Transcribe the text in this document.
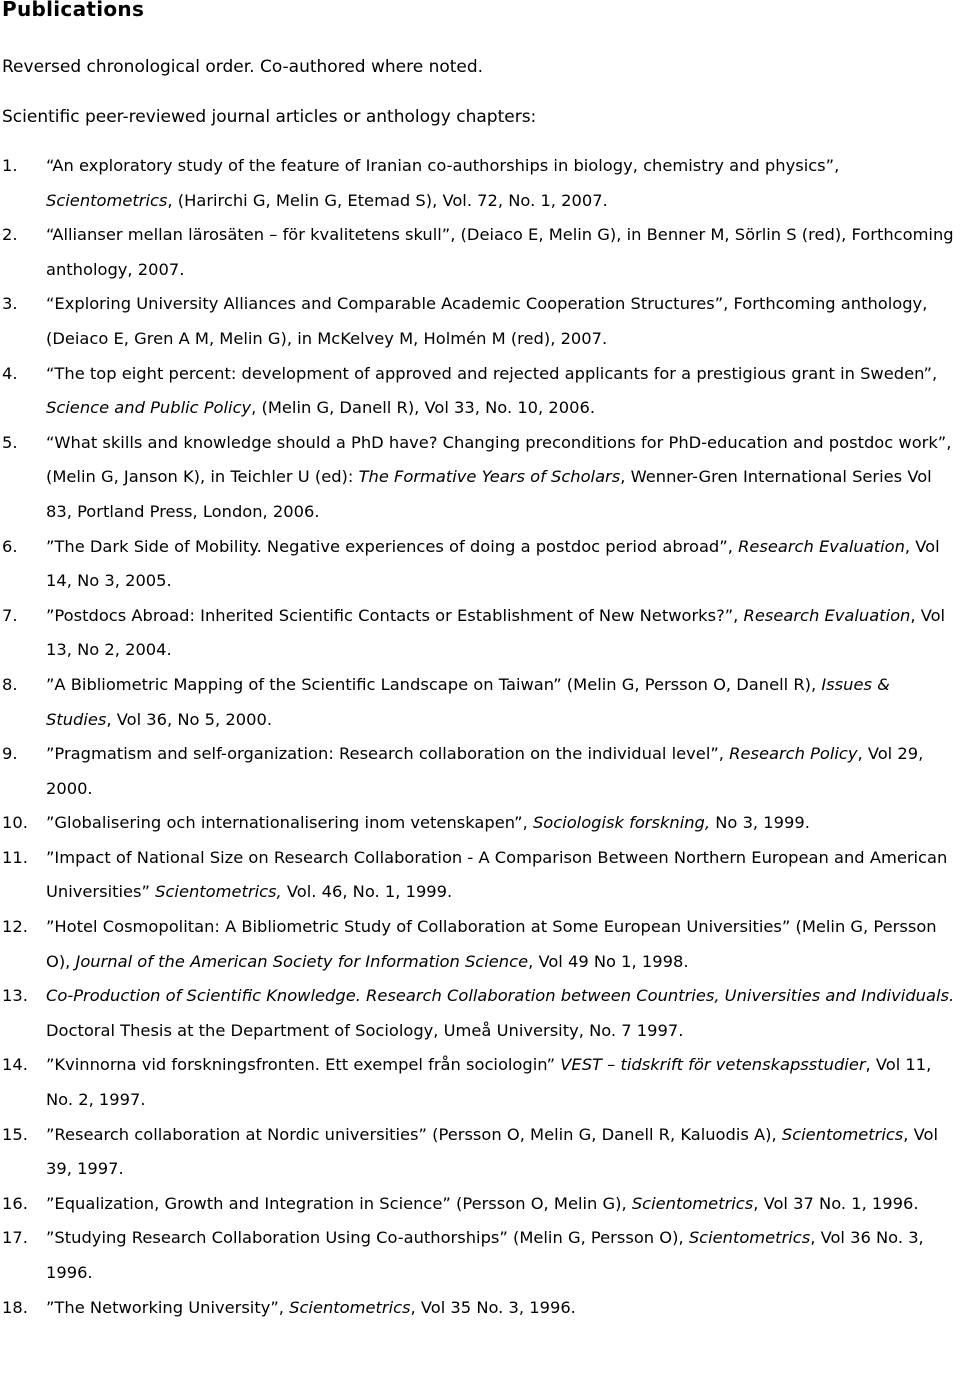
Publications
Reversed chronological order. Co-authored where noted.
Scientific peer-reviewed journal articles or anthology chapters:
1. “An exploratory study of the feature of Iranian co-authorships in biology, chemistry and physics”, Scientometrics, (Harirchi G, Melin G, Etemad S), Vol. 72, No. 1, 2007.
2. “Allianser mellan lärosäten – för kvalitetens skull”, (Deiaco E, Melin G), in Benner M, Sörlin S (red), Forthcoming anthology, 2007.
3. “Exploring University Alliances and Comparable Academic Cooperation Structures”, Forthcoming anthology, (Deiaco E, Gren A M, Melin G), in McKelvey M, Holmén M (red), 2007.
4. “The top eight percent: development of approved and rejected applicants for a prestigious grant in Sweden”, Science and Public Policy, (Melin G, Danell R), Vol 33, No. 10, 2006.
5. “What skills and knowledge should a PhD have? Changing preconditions for PhD-education and postdoc work”, (Melin G, Janson K), in Teichler U (ed): The Formative Years of Scholars, Wenner-Gren International Series Vol 83, Portland Press, London, 2006.
6. ”The Dark Side of Mobility. Negative experiences of doing a postdoc period abroad”, Research Evaluation, Vol 14, No 3, 2005.
7. ”Postdocs Abroad: Inherited Scientific Contacts or Establishment of New Networks?”, Research Evaluation, Vol 13, No 2, 2004.
8. ”A Bibliometric Mapping of the Scientific Landscape on Taiwan” (Melin G, Persson O, Danell R), Issues & Studies, Vol 36, No 5, 2000.
9. ”Pragmatism and self-organization: Research collaboration on the individual level”, Research Policy, Vol 29, 2000.
10. ”Globalisering och internationalisering inom vetenskapen”, Sociologisk forskning, No 3, 1999.
11. ”Impact of National Size on Research Collaboration - A Comparison Between Northern European and American Universities” Scientometrics, Vol. 46, No. 1, 1999.
12. ”Hotel Cosmopolitan: A Bibliometric Study of Collaboration at Some European Universities” (Melin G, Persson O), Journal of the American Society for Information Science, Vol 49 No 1, 1998.
13. Co-Production of Scientific Knowledge. Research Collaboration between Countries, Universities and Individuals. Doctoral Thesis at the Department of Sociology, Umeå University, No. 7 1997.
14. ”Kvinnorna vid forskningsfronten. Ett exempel från sociologin” VEST – tidskrift för vetenskapsstudier, Vol 11, No. 2, 1997.
15. ”Research collaboration at Nordic universities” (Persson O, Melin G, Danell R, Kaluodis A), Scientometrics, Vol 39, 1997.
16. ”Equalization, Growth and Integration in Science” (Persson O, Melin G), Scientometrics, Vol 37 No. 1, 1996.
17. ”Studying Research Collaboration Using Co-authorships” (Melin G, Persson O), Scientometrics, Vol 36 No. 3, 1996.
18. ”The Networking University”, Scientometrics, Vol 35 No. 3, 1996.
